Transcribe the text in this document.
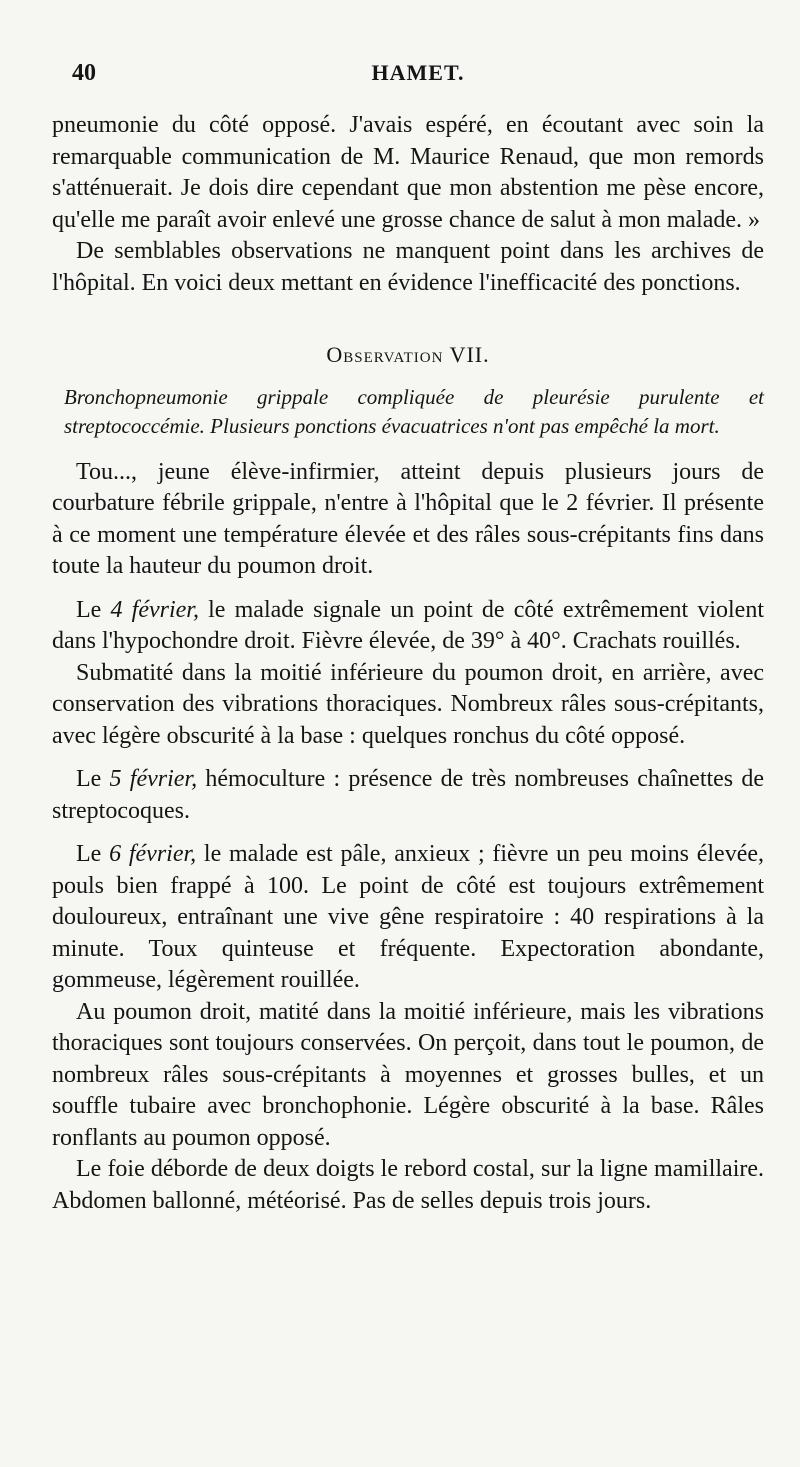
40	HAMET.

pneumonie du côté opposé. J'avais espéré, en écoutant avec soin la remarquable communication de M. Maurice Renaud, que mon remords s'atténuerait. Je dois dire cependant que mon abstention me pèse encore, qu'elle me paraît avoir enlevé une grosse chance de salut à mon malade. »

De semblables observations ne manquent point dans les archives de l'hôpital. En voici deux mettant en évidence l'inefficacité des ponctions.

Observation VII.

Bronchopneumonie grippale compliquée de pleurésie purulente et streptococcémie. Plusieurs ponctions évacuatrices n'ont pas empêché la mort.

Tou..., jeune élève-infirmier, atteint depuis plusieurs jours de courbature fébrile grippale, n'entre à l'hôpital que le 2 février. Il présente à ce moment une température élevée et des râles sous-crépitants fins dans toute la hauteur du poumon droit.

Le 4 février, le malade signale un point de côté extrêmement violent dans l'hypochondre droit. Fièvre élevée, de 39° à 40°. Crachats rouillés.

Submatité dans la moitié inférieure du poumon droit, en arrière, avec conservation des vibrations thoraciques. Nombreux râles sous-crépitants, avec légère obscurité à la base : quelques ronchus du côté opposé.

Le 5 février, hémoculture : présence de très nombreuses chaînettes de streptocoques.

Le 6 février, le malade est pâle, anxieux ; fièvre un peu moins élevée, pouls bien frappé à 100. Le point de côté est toujours extrêmement douloureux, entraînant une vive gêne respiratoire : 40 respirations à la minute. Toux quinteuse et fréquente. Expectoration abondante, gommeuse, légèrement rouillée.

Au poumon droit, matité dans la moitié inférieure, mais les vibrations thoraciques sont toujours conservées. On perçoit, dans tout le poumon, de nombreux râles sous-crépitants à moyennes et grosses bulles, et un souffle tubaire avec bronchophonie. Légère obscurité à la base. Râles ronflants au poumon opposé.

Le foie déborde de deux doigts le rebord costal, sur la ligne mamillaire. Abdomen ballonné, météorisé. Pas de selles depuis trois jours.
